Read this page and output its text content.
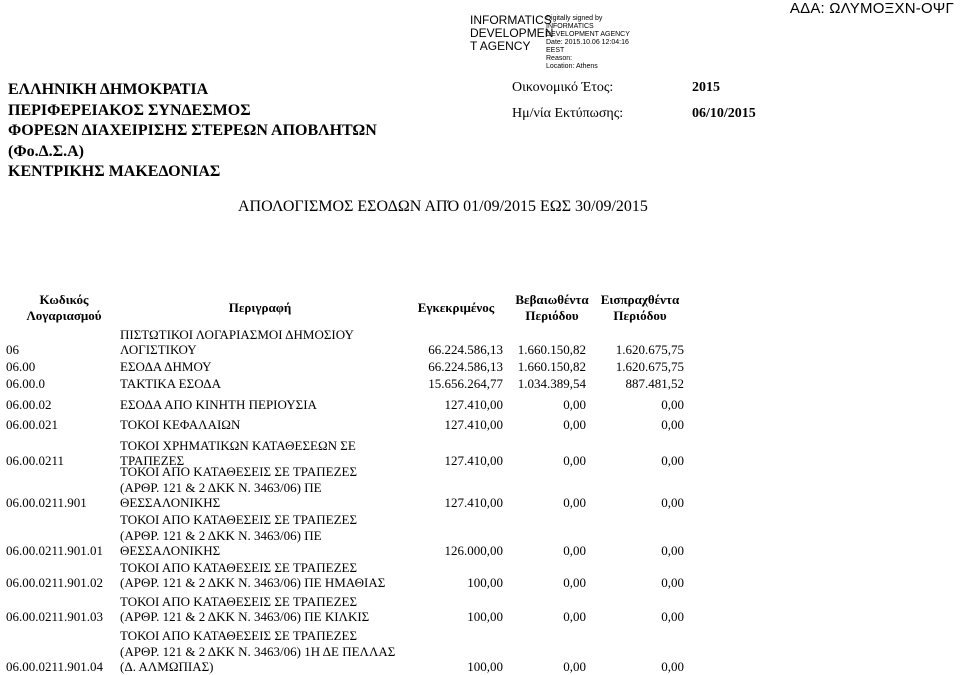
ΑΔΑ: ΩΛΥΜΟΞΧΝ-ΟΨΓ
INFORMATICS
DEVELOPMEN
T AGENCY
Digitally signed by
INFORMATICS
DEVELOPMENT AGENCY
Date: 2015.10.06 12:04:16
EEST
Reason:
Location: Athens
ΕΛΛΗΝΙΚΗ ΔΗΜΟΚΡΑΤΙΑ
ΠΕΡΙΦΕΡΕΙΑΚΟΣ ΣΥΝΔΕΣΜΟΣ
ΦΟΡΕΩΝ ΔΙΑΧΕΙΡΙΣΗΣ ΣΤΕΡΕΩΝ ΑΠΟΒΛΗΤΩΝ
(Φο.Δ.Σ.Α)
ΚΕΝΤΡΙΚΗΣ ΜΑΚΕΔΟΝΙΑΣ
Οικονομικό Έτος:	2015
Ημ/νία Εκτύπωσης:	06/10/2015
ΑΠΟΛΟΓΙΣΜΟΣ ΕΣΟΔΩΝ ΑΠΌ 01/09/2015 ΕΩΣ 30/09/2015
Κωδικός
Λογαριασμού
Περιγραφή	Εγκεκριμένος
Βεβαιωθέντα
Περιόδου
Εισπραχθέντα
Περιόδου
06
ΠΙΣΤΩΤΙΚΟΙ ΛΟΓΑΡΙΑΣΜΟΙ ΔΗΜΟΣΙΟΥ
ΛΟΓΙΣΤΙΚΟΥ	66.224.586,13 1.660.150,82 1.620.675,75
06.00	ΕΣΟΔΑ ΔΗΜΟΥ	66.224.586,13 1.660.150,82 1.620.675,75
06.00.0	ΤΑΚΤΙΚΑ ΕΣΟΔΑ	15.656.264,77 1.034.389,54	887.481,52
06.00.02	ΕΣΟΔΑ ΑΠΟ ΚΙΝΗΤΗ ΠΕΡΙΟΥΣΙΑ	127.410,00	0,00	0,00
06.00.021	ΤΟΚΟΙ ΚΕΦΑΛΑΙΩΝ	127.410,00	0,00	0,00
06.00.0211
ΤΟΚΟΙ ΧΡΗΜΑΤΙΚΩΝ ΚΑΤΑΘΕΣΕΩΝ ΣΕ
ΤΡΑΠΕΖΕΣ	127.410,00	0,00	0,00
06.00.0211.901
ΤΟΚΟΙ ΑΠΟ ΚΑΤΑΘΕΣΕΙΣ ΣΕ ΤΡΑΠΕΖΕΣ
(ΑΡΘΡ. 121 & 2 ΔΚΚ Ν. 3463/06) ΠΕ
ΘΕΣΣΑΛΟΝΙΚΗΣ	127.410,00	0,00	0,00
06.00.0211.901.01
ΤΟΚΟΙ ΑΠΟ ΚΑΤΑΘΕΣΕΙΣ ΣΕ ΤΡΑΠΕΖΕΣ
(ΑΡΘΡ. 121 & 2 ΔΚΚ Ν. 3463/06) ΠΕ
ΘΕΣΣΑΛΟΝΙΚΗΣ	126.000,00	0,00	0,00
06.00.0211.901.02
ΤΟΚΟΙ ΑΠΟ ΚΑΤΑΘΕΣΕΙΣ ΣΕ ΤΡΑΠΕΖΕΣ
(ΑΡΘΡ. 121 & 2 ΔΚΚ Ν. 3463/06) ΠΕ ΗΜΑΘΙΑΣ	100,00	0,00	0,00
06.00.0211.901.03
ΤΟΚΟΙ ΑΠΟ ΚΑΤΑΘΕΣΕΙΣ ΣΕ ΤΡΑΠΕΖΕΣ
(ΑΡΘΡ. 121 & 2 ΔΚΚ Ν. 3463/06) ΠΕ ΚΙΛΚΙΣ	100,00	0,00	0,00
06.00.0211.901.04
ΤΟΚΟΙ ΑΠΟ ΚΑΤΑΘΕΣΕΙΣ ΣΕ ΤΡΑΠΕΖΕΣ
(ΑΡΘΡ. 121 & 2 ΔΚΚ Ν. 3463/06) 1Η ΔΕ ΠΕΛΛΑΣ
(Δ. ΑΛΜΩΠΙΑΣ)	100,00	0,00	0,00
